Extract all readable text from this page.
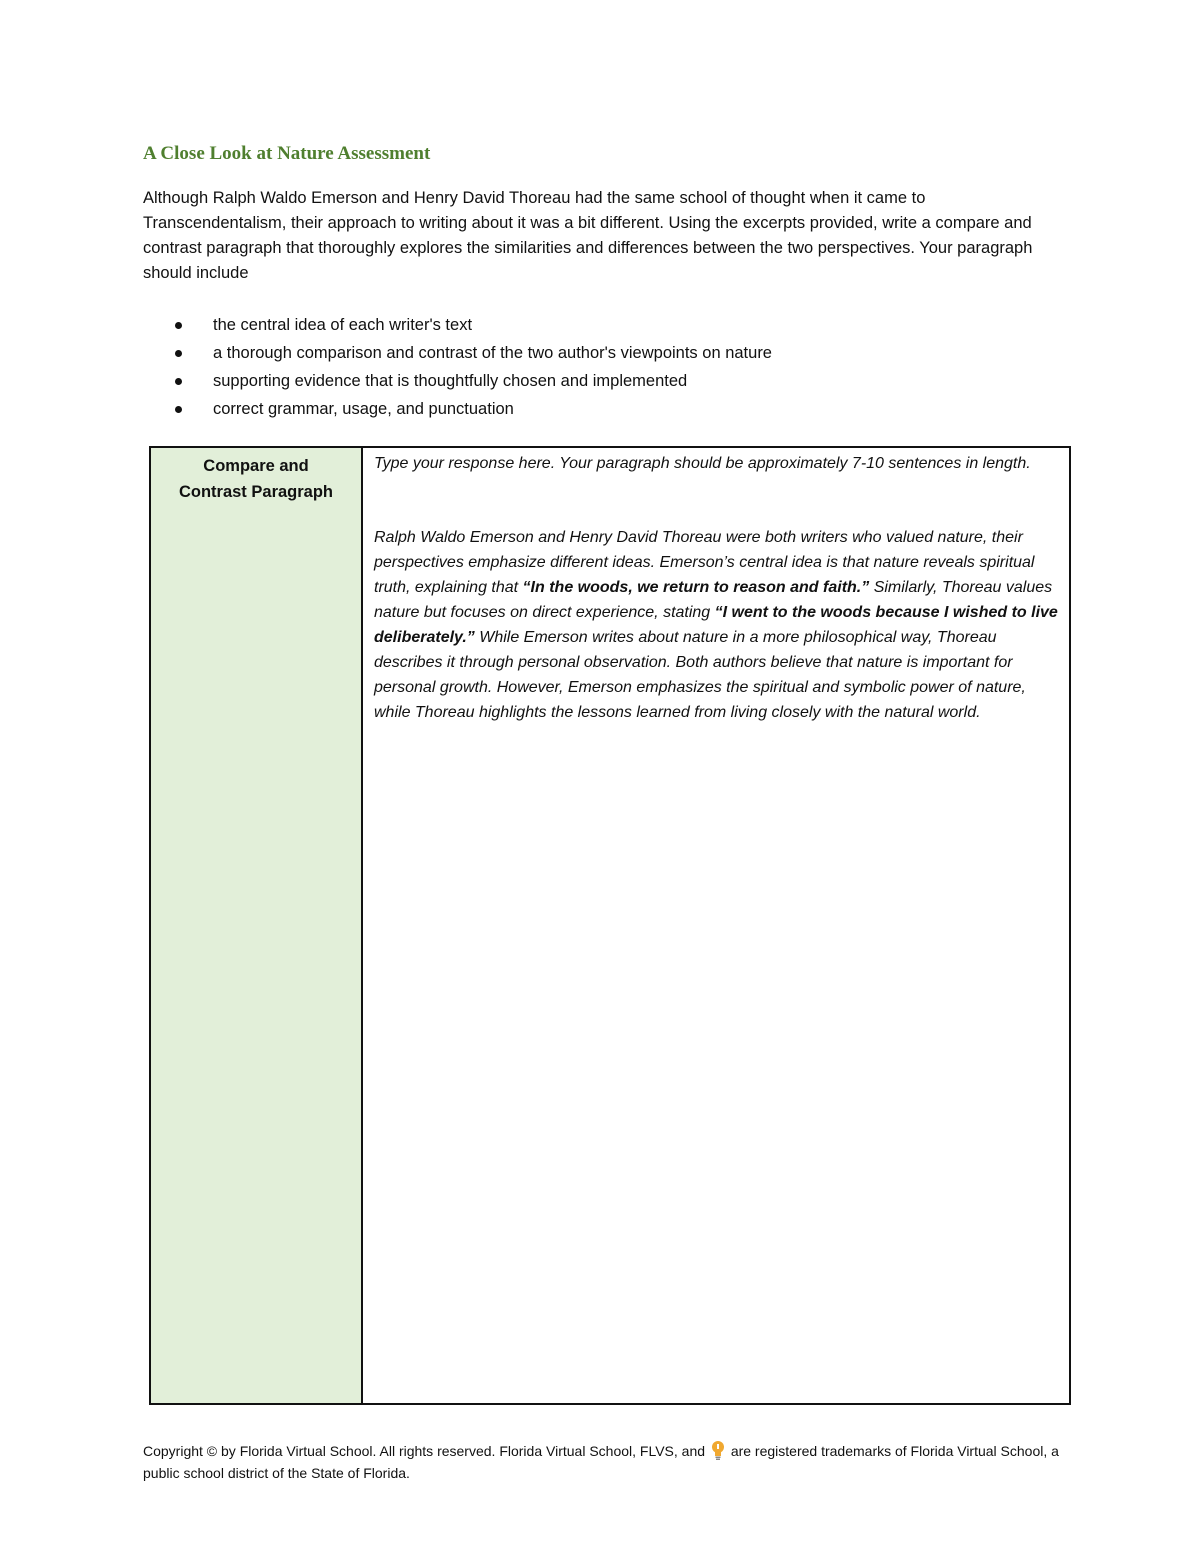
A Close Look at Nature Assessment

Although Ralph Waldo Emerson and Henry David Thoreau had the same school of thought when it came to Transcendentalism, their approach to writing about it was a bit different. Using the excerpts provided, write a compare and contrast paragraph that thoroughly explores the similarities and differences between the two perspectives. Your paragraph should include

the central idea of each writer's text
a thorough comparison and contrast of the two author's viewpoints on nature
supporting evidence that is thoughtfully chosen and implemented
correct grammar, usage, and punctuation
Compare and
Contrast Paragraph

Type your response here. Your paragraph should be approximately 7-10 sentences in length.

Ralph Waldo Emerson and Henry David Thoreau were both writers who valued nature, their perspectives emphasize different ideas. Emerson’s central idea is that nature reveals spiritual truth, explaining that “In the woods, we return to reason and faith.” Similarly, Thoreau values nature but focuses on direct experience, stating “I went to the woods because I wished to live deliberately.” While Emerson writes about nature in a more philosophical way, Thoreau describes it through personal observation. Both authors believe that nature is important for personal growth. However, Emerson emphasizes the spiritual and symbolic power of nature, while Thoreau highlights the lessons learned from living closely with the natural world.

Copyright © by Florida Virtual School. All rights reserved. Florida Virtual School, FLVS, and are registered trademarks of Florida Virtual School, a public school district of the State of Florida.
